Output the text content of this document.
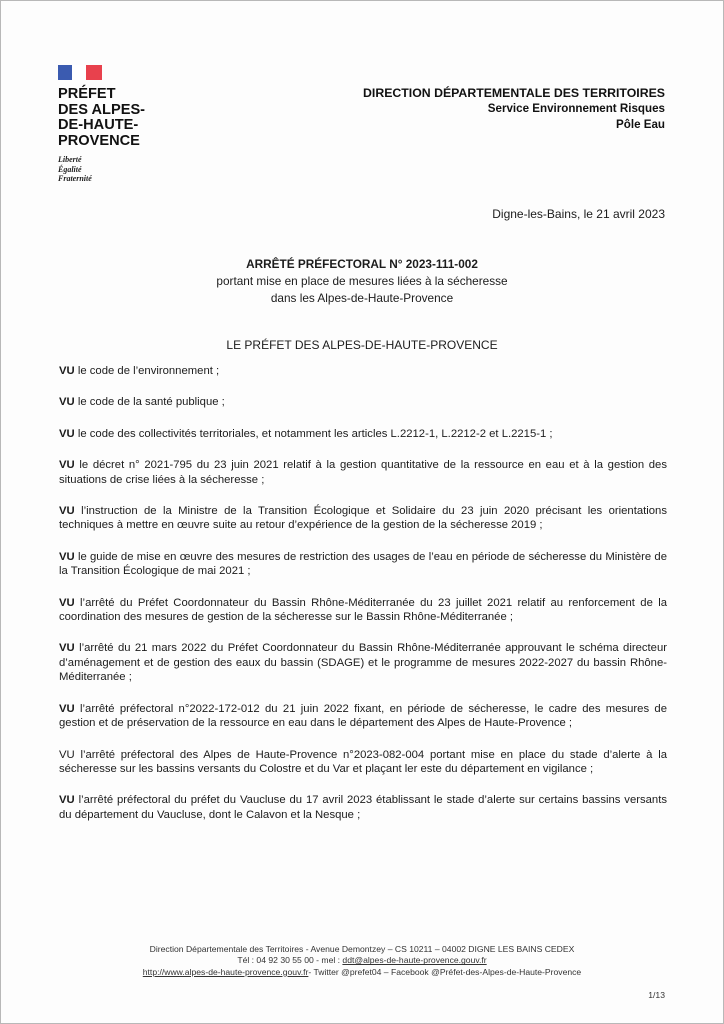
PRÉFET
DES ALPES-
DE-HAUTE-
PROVENCE
Liberté
Égalité
Fraternité
DIRECTION DÉPARTEMENTALE DES TERRITOIRES
Service Environnement Risques
Pôle Eau
Digne-les-Bains, le 21 avril 2023
ARRÊTÉ PRÉFECTORAL N° 2023-111-002
portant mise en place de mesures liées à la sécheresse
dans les Alpes-de-Haute-Provence
LE PRÉFET DES ALPES-DE-HAUTE-PROVENCE

VU le code de l’environnement ;

VU le code de la santé publique ;

VU le code des collectivités territoriales, et notamment les articles L.2212-1, L.2212-2 et L.2215-1 ;

VU le décret n° 2021-795 du 23 juin 2021 relatif à la gestion quantitative de la ressource en eau et à la gestion des situations de crise liées à la sécheresse ;

VU l’instruction de la Ministre de la Transition Écologique et Solidaire du 23 juin 2020 précisant les orientations techniques à mettre en œuvre suite au retour d’expérience de la gestion de la sécheresse 2019 ;

VU le guide de mise en œuvre des mesures de restriction des usages de l’eau en période de sécheresse du Ministère de la Transition Écologique de mai 2021 ;

VU l’arrêté du Préfet Coordonnateur du Bassin Rhône-Méditerranée du 23 juillet 2021 relatif au renforcement de la coordination des mesures de gestion de la sécheresse sur le Bassin Rhône-Méditerranée ;

VU l’arrêté du 21 mars 2022 du Préfet Coordonnateur du Bassin Rhône-Méditerranée approuvant le schéma directeur d’aménagement et de gestion des eaux du bassin (SDAGE) et le programme de mesures 2022-2027 du bassin Rhône-Méditerranée ;

VU l’arrêté préfectoral n°2022-172-012 du 21 juin 2022 fixant, en période de sécheresse, le cadre des mesures de gestion et de préservation de la ressource en eau dans le département des Alpes de Haute-Provence ;

VU l’arrêté préfectoral des Alpes de Haute-Provence n°2023-082-004 portant mise en place du stade d’alerte à la sécheresse sur les bassins versants du Colostre et du Var et plaçant ler este du département en vigilance ;

VU l’arrêté préfectoral du préfet du Vaucluse du 17 avril 2023 établissant le stade d’alerte sur certains bassins versants du département du Vaucluse, dont le Calavon et la Nesque ;

Direction Départementale des Territoires - Avenue Demontzey – CS 10211 – 04002 DIGNE LES BAINS CEDEX
Tél : 04 92 30 55 00 - mel : ddt@alpes-de-haute-provence.gouv.fr
http://www.alpes-de-haute-provence.gouv.fr- Twitter @prefet04 – Facebook @Préfet-des-Alpes-de-Haute-Provence
1/13
